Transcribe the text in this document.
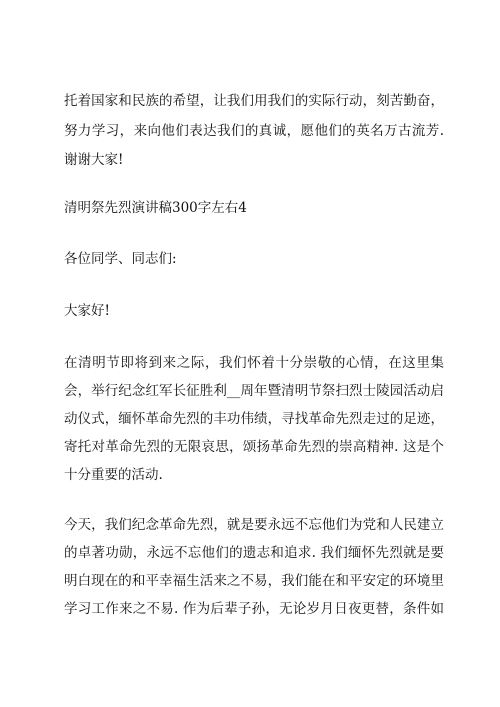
托着国家和民族的希望，让我们用我们的实际行动，刻苦勤奋，
努力学习，来向他们表达我们的真诚，愿他们的英名万古流芳.
谢谢大家!
清明祭先烈演讲稿300字左右4
各位同学、同志们:
大家好!
在清明节即将到来之际，我们怀着十分崇敬的心情，在这里集
会，举行纪念红军长征胜利__周年暨清明节祭扫烈士陵园活动启
动仪式，缅怀革命先烈的丰功伟绩，寻找革命先烈走过的足迹，
寄托对革命先烈的无限哀思，颂扬革命先烈的崇高精神. 这是个
十分重要的活动.
今天，我们纪念革命先烈，就是要永远不忘他们为党和人民建立
的卓著功勋，永远不忘他们的遗志和追求. 我们缅怀先烈就是要
明白现在的和平幸福生活来之不易，我们能在和平安定的环境里
学习工作来之不易. 作为后辈子孙，无论岁月日夜更替，条件如
